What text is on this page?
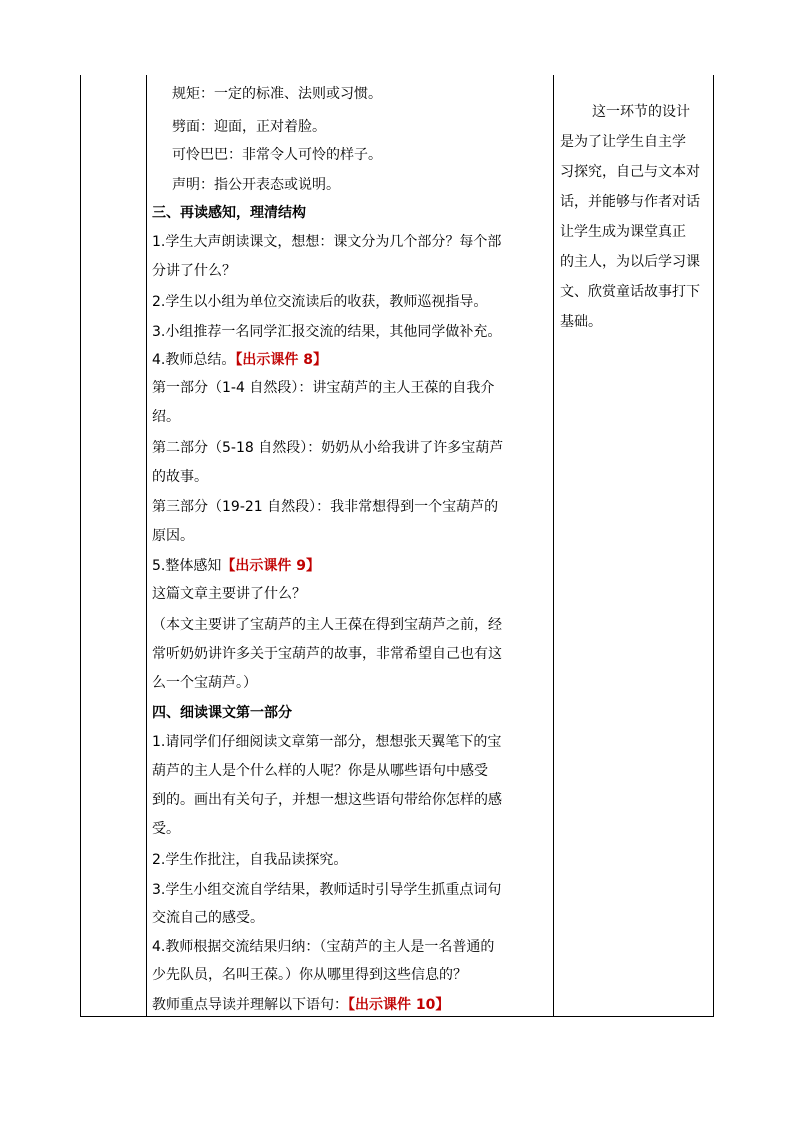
规矩：一定的标准、法则或习惯。
劈面：迎面，正对着脸。
可怜巴巴：非常令人可怜的样子。
声明：指公开表态或说明。
三、再读感知，理清结构
1.学生大声朗读课文，想想：课文分为几个部分？每个部
分讲了什么？
2.学生以小组为单位交流读后的收获，教师巡视指导。
3.小组推荐一名同学汇报交流的结果，其他同学做补充。
4.教师总结。【出示课件 8】
第一部分（1-4 自然段）：讲宝葫芦的主人王葆的自我介
绍。
第二部分（5-18 自然段）：奶奶从小给我讲了许多宝葫芦
的故事。
第三部分（19-21 自然段）：我非常想得到一个宝葫芦的
原因。
5.整体感知【出示课件 9】
这篇文章主要讲了什么？
（本文主要讲了宝葫芦的主人王葆在得到宝葫芦之前，经
常听奶奶讲许多关于宝葫芦的故事，非常希望自己也有这
么一个宝葫芦。）
四、细读课文第一部分
1.请同学们仔细阅读文章第一部分，想想张天翼笔下的宝
葫芦的主人是个什么样的人呢？你是从哪些语句中感受
到的。画出有关句子，并想一想这些语句带给你怎样的感
受。
2.学生作批注，自我品读探究。
3.学生小组交流自学结果，教师适时引导学生抓重点词句
交流自己的感受。
4.教师根据交流结果归纳：（宝葫芦的主人是一名普通的
少先队员，名叫王葆。）你从哪里得到这些信息的？
教师重点导读并理解以下语句：【出示课件 10】
这一环节的设计
是为了让学生自主学
习探究，自己与文本对
话，并能够与作者对话
让学生成为课堂真正
的主人，为以后学习课
文、欣赏童话故事打下
基础。
